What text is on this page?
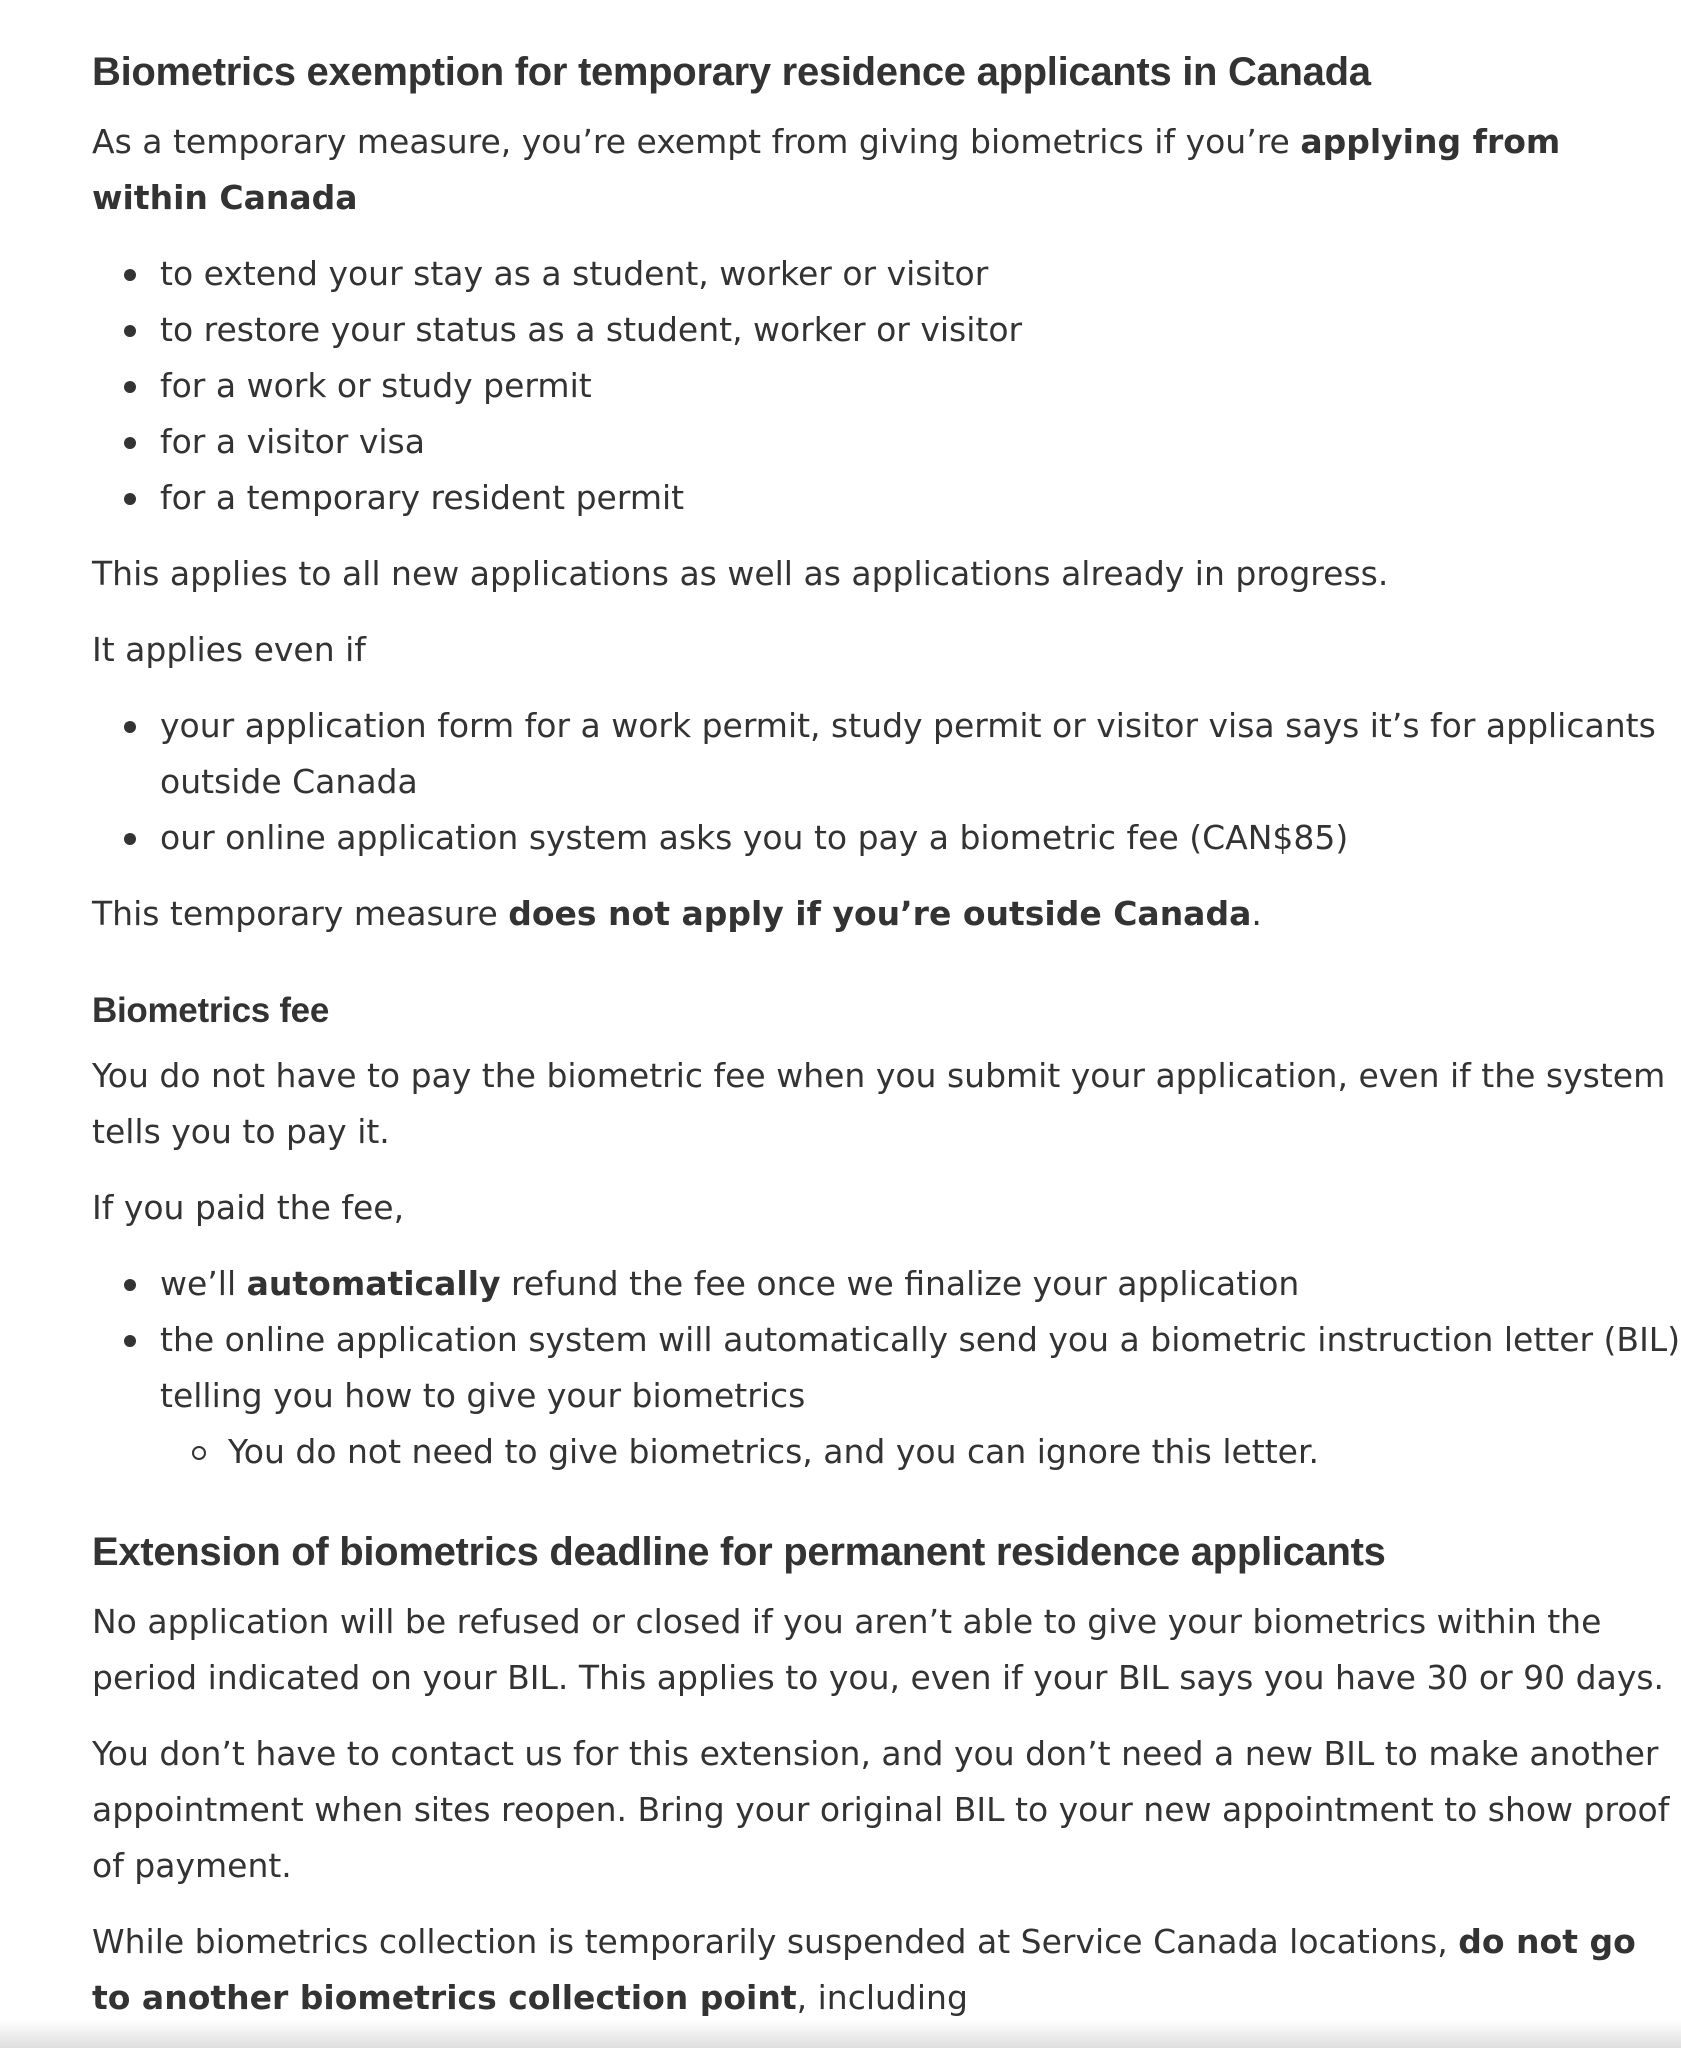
Biometrics exemption for temporary residence applicants in Canada

As a temporary measure, you’re exempt from giving biometrics if you’re applying from within Canada

to extend your stay as a student, worker or visitor
to restore your status as a student, worker or visitor
for a work or study permit
for a visitor visa
for a temporary resident permit

This applies to all new applications as well as applications already in progress.

It applies even if

your application form for a work permit, study permit or visitor visa says it’s for applicants outside Canada
our online application system asks you to pay a biometric fee (CAN$85)

This temporary measure does not apply if you’re outside Canada.

Biometrics fee

You do not have to pay the biometric fee when you submit your application, even if the system tells you to pay it.

If you paid the fee,

we’ll automatically refund the fee once we finalize your application
the online application system will automatically send you a biometric instruction letter (BIL) telling you how to give your biometrics
You do not need to give biometrics, and you can ignore this letter.
Extension of biometrics deadline for permanent residence applicants

No application will be refused or closed if you aren’t able to give your biometrics within the period indicated on your BIL. This applies to you, even if your BIL says you have 30 or 90 days.

You don’t have to contact us for this extension, and you don’t need a new BIL to make another appointment when sites reopen. Bring your original BIL to your new appointment to show proof of payment.

While biometrics collection is temporarily suspended at Service Canada locations, do not go to another biometrics collection point, including
